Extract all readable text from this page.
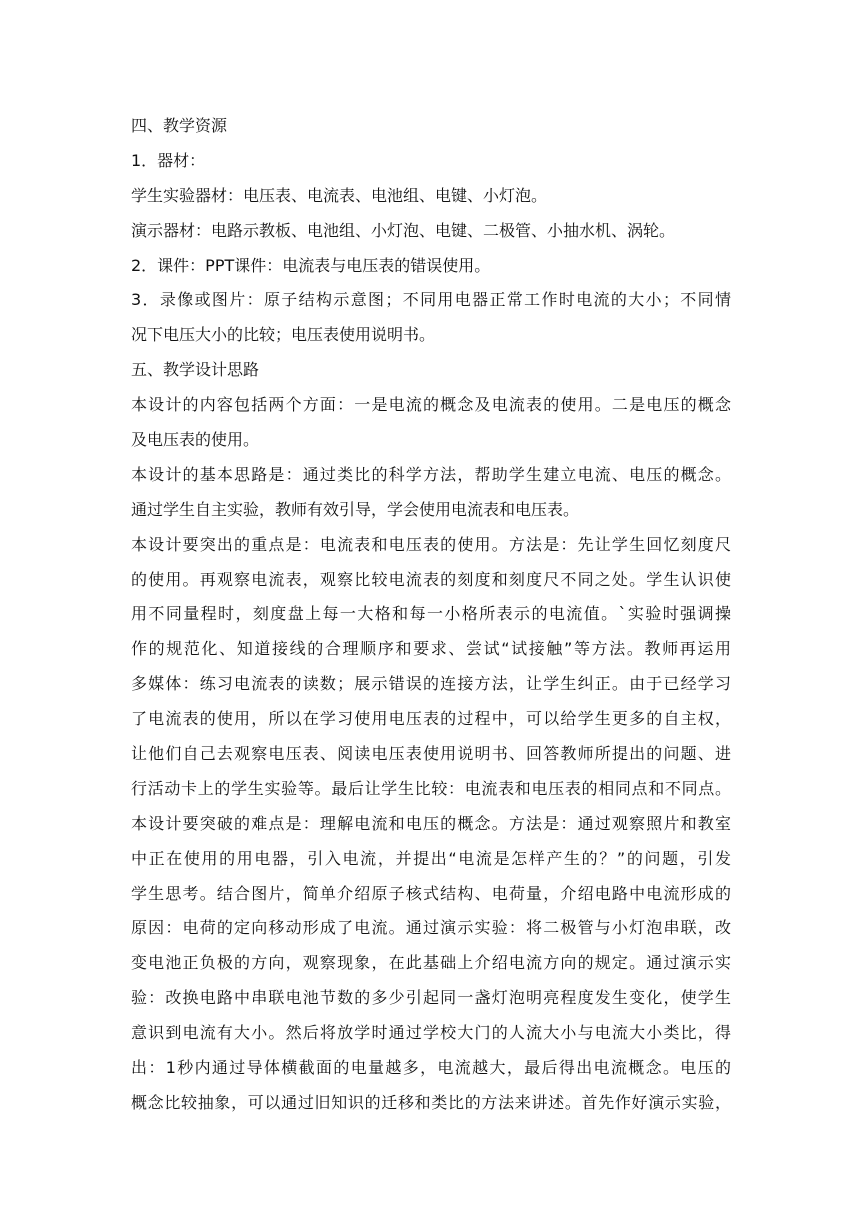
四、教学资源
1．器材：
学生实验器材：电压表、电流表、电池组、电键、小灯泡。
演示器材：电路示教板、电池组、小灯泡、电键、二极管、小抽水机、涡轮。
2．课件：PPT课件：电流表与电压表的错误使用。
3．录像或图片：原子结构示意图；不同用电器正常工作时电流的大小；不同情
况下电压大小的比较；电压表使用说明书。
五、教学设计思路
本设计的内容包括两个方面：一是电流的概念及电流表的使用。二是电压的概念
及电压表的使用。
本设计的基本思路是：通过类比的科学方法，帮助学生建立电流、电压的概念。
通过学生自主实验，教师有效引导，学会使用电流表和电压表。
本设计要突出的重点是：电流表和电压表的使用。方法是：先让学生回忆刻度尺
的使用。再观察电流表，观察比较电流表的刻度和刻度尺不同之处。学生认识使
用不同量程时，刻度盘上每一大格和每一小格所表示的电流值。`实验时强调操
作的规范化、知道接线的合理顺序和要求、尝试“试接触”等方法。教师再运用
多媒体：练习电流表的读数；展示错误的连接方法，让学生纠正。由于已经学习
了电流表的使用，所以在学习使用电压表的过程中，可以给学生更多的自主权，
让他们自己去观察电压表、阅读电压表使用说明书、回答教师所提出的问题、进
行活动卡上的学生实验等。最后让学生比较：电流表和电压表的相同点和不同点。
本设计要突破的难点是：理解电流和电压的概念。方法是：通过观察照片和教室
中正在使用的用电器，引入电流，并提出“电流是怎样产生的？”的问题，引发
学生思考。结合图片，简单介绍原子核式结构、电荷量，介绍电路中电流形成的
原因：电荷的定向移动形成了电流。通过演示实验：将二极管与小灯泡串联，改
变电池正负极的方向，观察现象，在此基础上介绍电流方向的规定。通过演示实
验：改换电路中串联电池节数的多少引起同一盏灯泡明亮程度发生变化，使学生
意识到电流有大小。然后将放学时通过学校大门的人流大小与电流大小类比，得
出：1秒内通过导体横截面的电量越多，电流越大，最后得出电流概念。电压的
概念比较抽象，可以通过旧知识的迁移和类比的方法来讲述。首先作好演示实验，
